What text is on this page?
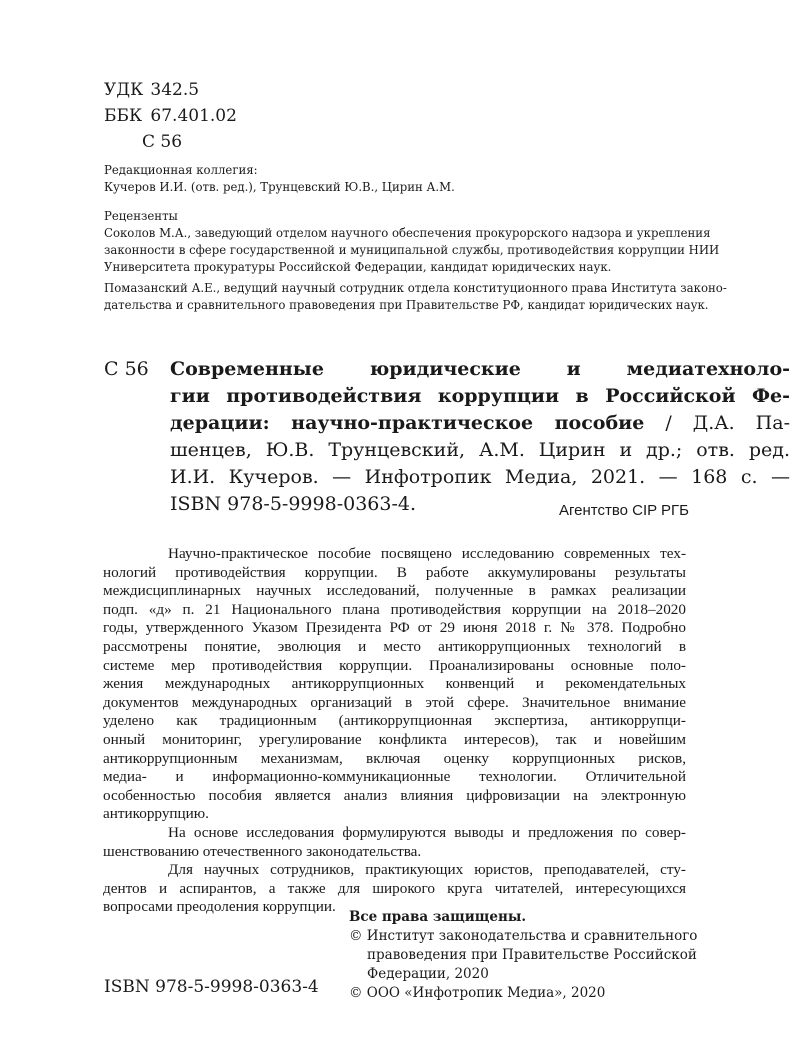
УДК 342.5
ББК 67.401.02
С 56
Редакционная коллегия:
Кучеров И.И. (отв. ред.), Трунцевский Ю.В., Цирин А.М.
Рецензенты
Соколов М.А., заведующий отделом научного обеспечения прокурорского надзора и укрепления
законности в сфере государственной и муниципальной службы, противодействия коррупции НИИ
Университета прокуратуры Российской Федерации, кандидат юридических наук.
Помазанский А.Е., ведущий научный сотрудник отдела конституционного права Института законо-
дательства и сравнительного правоведения при Правительстве РФ, кандидат юридических наук.
С 56 Современные юридические и медиатехноло-
гии противодействия коррупции в Российской Фе-
дерации: научно-практическое пособие / Д.А. Па-
шенцев, Ю.В. Трунцевский, А.М. Цирин и др.; отв. ред.
И.И. Кучеров. — Инфотропик Медиа, 2021. — 168 с. —
ISBN 978-5-9998-0363-4.	Агентство CIP РГБ
Научно-практическое пособие посвящено исследованию современных тех-
нологий противодействия коррупции. В работе аккумулированы результаты
междисциплинарных научных исследований, полученные в рамках реализации
подп. «д» п. 21 Национального плана противодействия коррупции на 2018–2020
годы, утвержденного Указом Президента РФ от 29 июня 2018 г. № 378. Подробно
рассмотрены понятие, эволюция и место антикоррупционных технологий в
системе мер противодействия коррупции. Проанализированы основные поло-
жения международных антикоррупционных конвенций и рекомендательных
документов международных организаций в этой сфере. Значительное внимание
уделено как традиционным (антикоррупционная экспертиза, антикоррупци-
онный мониторинг, урегулирование конфликта интересов), так и новейшим
антикоррупционным механизмам, включая оценку коррупционных рисков,
медиа- и информационно-коммуникационные технологии. Отличительной
особенностью пособия является анализ влияния цифровизации на электронную
антикоррупцию.
На основе исследования формулируются выводы и предложения по совер-
шенствованию отечественного законодательства.
Для научных сотрудников, практикующих юристов, преподавателей, сту-
дентов и аспирантов, а также для широкого круга читателей, интересующихся
вопросами преодоления коррупции.
Все права защищены.
© Институт законодательства и сравнительного
правоведения при Правительстве Российской
Федерации, 2020
© ООО «Инфотропик Медиа», 2020
ISBN 978-5-9998-0363-4
